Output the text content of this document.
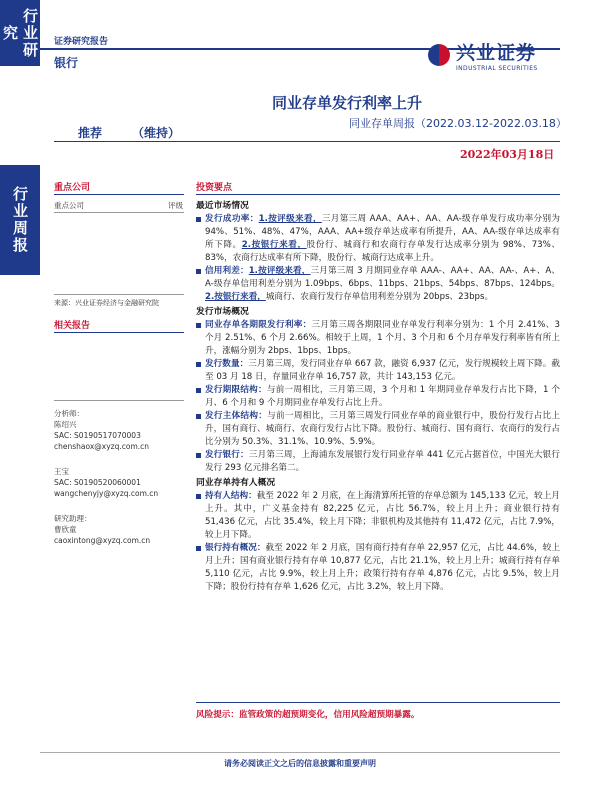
行业研究
行业周报
证券研究报告
银行	兴业证券
INDUSTRIAL SECURITIES
同业存单发行利率上升
同业存单周报（2022.03.12-2022.03.18）
推荐 （维持）
2022年03月18日
重点公司
重点公司	评级
来源：兴业证券经济与金融研究院
相关报告
分析师：
陈绍兴
SAC: S0190517070003
chenshaox@xyzq.com.cn
王宝
SAC: S0190520060001
wangchenyjy@xyzq.com.cn
研究助理：
曹欣童
caoxintong@xyzq.com.cn
投资要点
最近市场情况
发行成功率：1.按评级来看，三月第三周 AAA、AA+、AA、AA-级存单发行成功率分别为 94%、51%、48%、47%，AAA、AA+级存单达成率有所提升，AA、AA-级存单达成率有所下降。2.按银行来看，股份行、城商行和农商行存单发行达成率分别为 98%、73%、83%，农商行达成率有所下降，股份行、城商行达成率上升。
信用利差：1.按评级来看，三月第三周 3 月期同业存单 AAA-、AA+、AA、AA-、A+、A、A-级存单信用利差分别为 1.09bps、6bps、11bps、21bps、54bps、87bps、124bps。2.按银行来看，城商行、农商行发行存单信用利差分别为 20bps、23bps。
发行市场概况
同业存单各期限发行利率：三月第三周各期限同业存单发行利率分别为：1 个月 2.41%、3 个月 2.51%、6 个月 2.66%。相较于上周，1 个月、3 个月和 6 个月存单发行利率皆有所上升，涨幅分别为 2bps、1bps、1bps。
发行数量：三月第三周，发行同业存单 667 款，融资 6,937 亿元，发行规模较上周下降。截至 03 月 18 日，存量同业存单 16,757 款，共计 143,153 亿元。
发行期限结构：与前一周相比，三月第三周，3 个月和 1 年期同业存单发行占比下降，1 个月、6 个月和 9 个月期同业存单发行占比上升。
发行主体结构：与前一周相比，三月第三周发行同业存单的商业银行中，股份行发行占比上升，国有商行、城商行、农商行发行占比下降。股份行、城商行、国有商行、农商行的发行占比分别为 50.3%、31.1%、10.9%、5.9%。
发行银行：三月第三周，上海浦东发展银行发行同业存单 441 亿元占据首位，中国光大银行发行 293 亿元排名第二。
同业存单持有人概况
持有人结构：截至 2022 年 2 月底，在上海清算所托管的存单总额为 145,133 亿元，较上月上升。其中，广义基金持有 82,225 亿元，占比 56.7%，较上月上升；商业银行持有 51,436 亿元，占比 35.4%，较上月下降；非银机构及其他持有 11,472 亿元，占比 7.9%，较上月下降。
银行持有概况：截至 2022 年 2 月底，国有商行持有存单 22,957 亿元，占比 44.6%，较上月上升；国有商业银行持有存单 10,877 亿元，占比 21.1%，较上月上升；城商行持有存单 5,110 亿元，占比 9.9%，较上月上升；政策行持有存单 4,876 亿元，占比 9.5%，较上月下降；股份行持有存单 1,626 亿元，占比 3.2%，较上月下降。
风险提示：监管政策的超预期变化，信用风险超预期暴露。
请务必阅读正文之后的信息披露和重要声明
